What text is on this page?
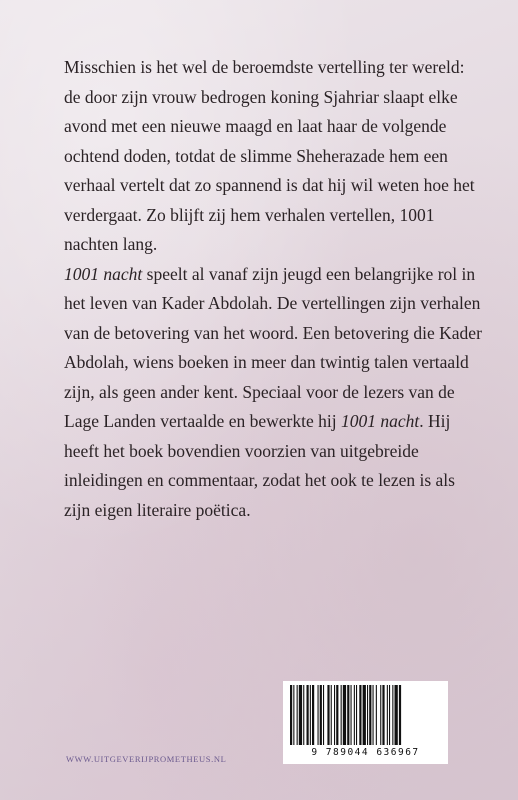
Misschien is het wel de beroemdste vertelling ter wereld: de door zijn vrouw bedrogen koning Sjahriar slaapt elke avond met een nieuwe maagd en laat haar de volgende ochtend doden, totdat de slimme Sheherazade hem een verhaal vertelt dat zo spannend is dat hij wil weten hoe het verdergaat. Zo blijft zij hem verhalen vertellen, 1001 nachten lang.

1001 nacht speelt al vanaf zijn jeugd een belangrijke rol in het leven van Kader Abdolah. De vertellingen zijn verhalen van de betovering van het woord. Een betovering die Kader Abdolah, wiens boeken in meer dan twintig talen vertaald zijn, als geen ander kent. Speciaal voor de lezers van de Lage Landen vertaalde en bewerkte hij 1001 nacht. Hij heeft het boek bovendien voorzien van uitgebreide inleidingen en commentaar, zodat het ook te lezen is als zijn eigen literaire poëtica.

9 789044 636967
WWW.UITGEVERIJPROMETHEUS.NL
